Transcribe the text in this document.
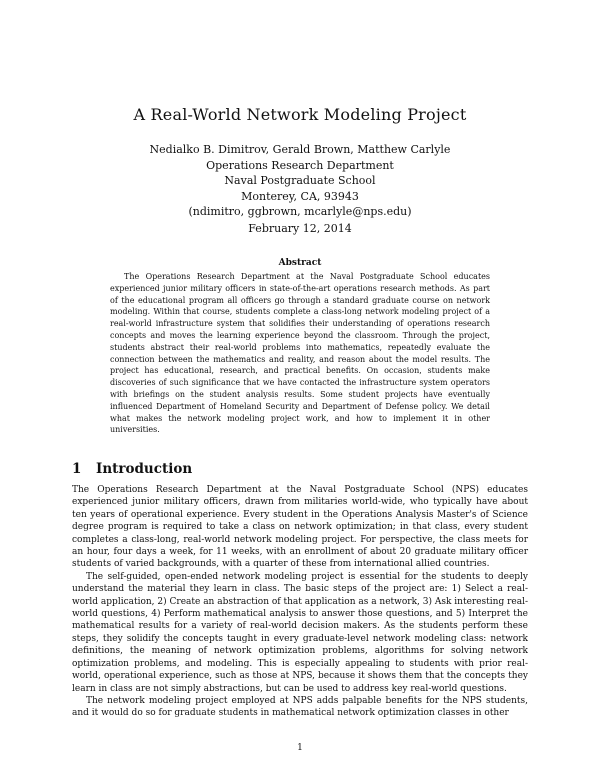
A Real-World Network Modeling Project
Nedialko B. Dimitrov, Gerald Brown, Matthew Carlyle
Operations Research Department
Naval Postgraduate School
Monterey, CA, 93943
(ndimitro, ggbrown, mcarlyle@nps.edu)
February 12, 2014
Abstract

The Operations Research Department at the Naval Postgraduate School educates experienced junior military officers in state-of-the-art operations research methods. As part of the educational program all officers go through a standard graduate course on network modeling. Within that course, students complete a class-long network modeling project of a real-world infrastructure system that solidifies their understanding of operations research concepts and moves the learning experience beyond the classroom. Through the project, students abstract their real-world problems into mathematics, repeatedly evaluate the connection between the mathematics and reality, and reason about the model results. The project has educational, research, and practical benefits. On occasion, students make discoveries of such significance that we have contacted the infrastructure system operators with briefings on the student analysis results. Some student projects have eventually influenced Department of Homeland Security and Department of Defense policy. We detail what makes the network modeling project work, and how to implement it in other universities.

1 Introduction

The Operations Research Department at the Naval Postgraduate School (NPS) educates experienced junior military officers, drawn from militaries world-wide, who typically have about ten years of operational experience. Every student in the Operations Analysis Master's of Science degree program is required to take a class on network optimization; in that class, every student completes a class-long, real-world network modeling project. For perspective, the class meets for an hour, four days a week, for 11 weeks, with an enrollment of about 20 graduate military officer students of varied backgrounds, with a quarter of these from international allied countries.

The self-guided, open-ended network modeling project is essential for the students to deeply understand the material they learn in class. The basic steps of the project are: 1) Select a real-world application, 2) Create an abstraction of that application as a network, 3) Ask interesting real-world questions, 4) Perform mathematical analysis to answer those questions, and 5) Interpret the mathematical results for a variety of real-world decision makers. As the students perform these steps, they solidify the concepts taught in every graduate-level network modeling class: network definitions, the meaning of network optimization problems, algorithms for solving network optimization problems, and modeling. This is especially appealing to students with prior real-world, operational experience, such as those at NPS, because it shows them that the concepts they learn in class are not simply abstractions, but can be used to address key real-world questions.

The network modeling project employed at NPS adds palpable benefits for the NPS students, and it would do so for graduate students in mathematical network optimization classes in other

1
